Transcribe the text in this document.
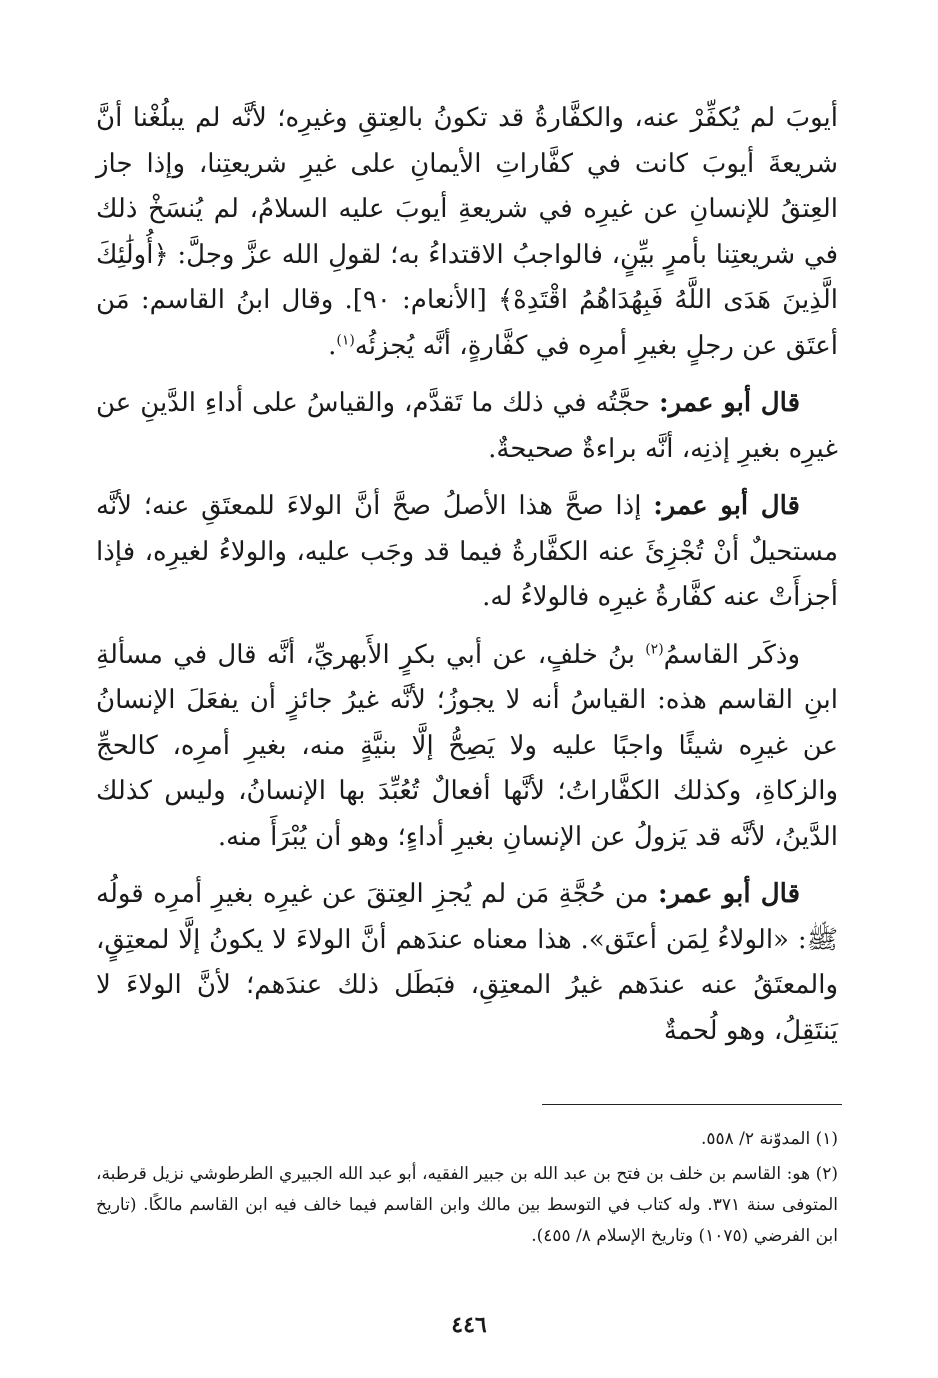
أيوبَ لم يُكفِّرْ عنه، والكفَّارةُ قد تكونُ بالعِتقِ وغيرِه؛ لأنَّه لم يبلُغْنا أنَّ شريعةَ أيوبَ كانت في كفَّاراتِ الأيمانِ على غيرِ شريعتِنا، وإذا جاز العِتقُ للإنسانِ عن غيرِه في شريعةِ أيوبَ عليه السلامُ، لم يُنسَخْ ذلك في شريعتِنا بأمرٍ بيِّنٍ، فالواجبُ الاقتداءُ به؛ لقولِ الله عزَّ وجلَّ: ﴿أُولَٰئِكَ الَّذِينَ هَدَى اللَّهُ فَبِهُدَاهُمُ اقْتَدِهْ﴾ [الأنعام: ٩٠]. وقال ابنُ القاسم: مَن أعتَق عن رجلٍ بغيرِ أمرِه في كفَّارةٍ، أنَّه يُجزئُه$^{(١)}$.

قال أبو عمر: حجَّتُه في ذلك ما تَقدَّم، والقياسُ على أداءِ الدَّينِ عن غيرِه بغيرِ إذنِه، أنَّه براءةٌ صحيحةٌ.

قال أبو عمر: إذا صحَّ هذا الأصلُ صحَّ أنَّ الولاءَ للمعتَقِ عنه؛ لأنَّه مستحيلٌ أنْ تُجْزِئَ عنه الكفَّارةُ فيما قد وجَب عليه، والولاءُ لغيرِه، فإذا أجزأَتْ عنه كفَّارةُ غيرِه فالولاءُ له.

وذكَر القاسمُ$^{(٢)}$ بنُ خلفٍ، عن أبي بكرٍ الأَبهريِّ، أنَّه قال في مسألةِ ابنِ القاسم هذه: القياسُ أنه لا يجوزُ؛ لأنَّه غيرُ جائزٍ أن يفعَلَ الإنسانُ عن غيرِه شيئًا واجبًا عليه ولا يَصِحُّ إلَّا بنيَّةٍ منه، بغيرِ أمرِه، كالحجِّ والزكاةِ، وكذلك الكفَّاراتُ؛ لأنَّها أفعالٌ تُعُبِّدَ بها الإنسانُ، وليس كذلك الدَّينُ، لأنَّه قد يَزولُ عن الإنسانِ بغيرِ أداءٍ؛ وهو أن يُبْرَأَ منه.

قال أبو عمر: من حُجَّةِ مَن لم يُجزِ العِتقَ عن غيرِه بغيرِ أمرِه قولُه ﷺ: «الولاءُ لِمَن أعتَق». هذا معناه عندَهم أنَّ الولاءَ لا يكونُ إلَّا لمعتِقٍ، والمعتَقُ عنه عندَهم غيرُ المعتِقِ، فبَطَل ذلك عندَهم؛ لأنَّ الولاءَ لا يَنتَقِلُ، وهو لُحمةٌ

(١) المدوّنة ٢/ ٥٥٨.

(٢) هو: القاسم بن خلف بن فتح بن عبد الله بن جبير الفقيه، أبو عبد الله الجبيري الطرطوشي نزيل قرطبة، المتوفى سنة ٣٧١. وله كتاب في التوسط بين مالك وابن القاسم فيما خالف فيه ابن القاسم مالكًا. (تاريخ ابن الفرضي (١٠٧٥) وتاريخ الإسلام ٨/ ٤٥٥).

٤٤٦
